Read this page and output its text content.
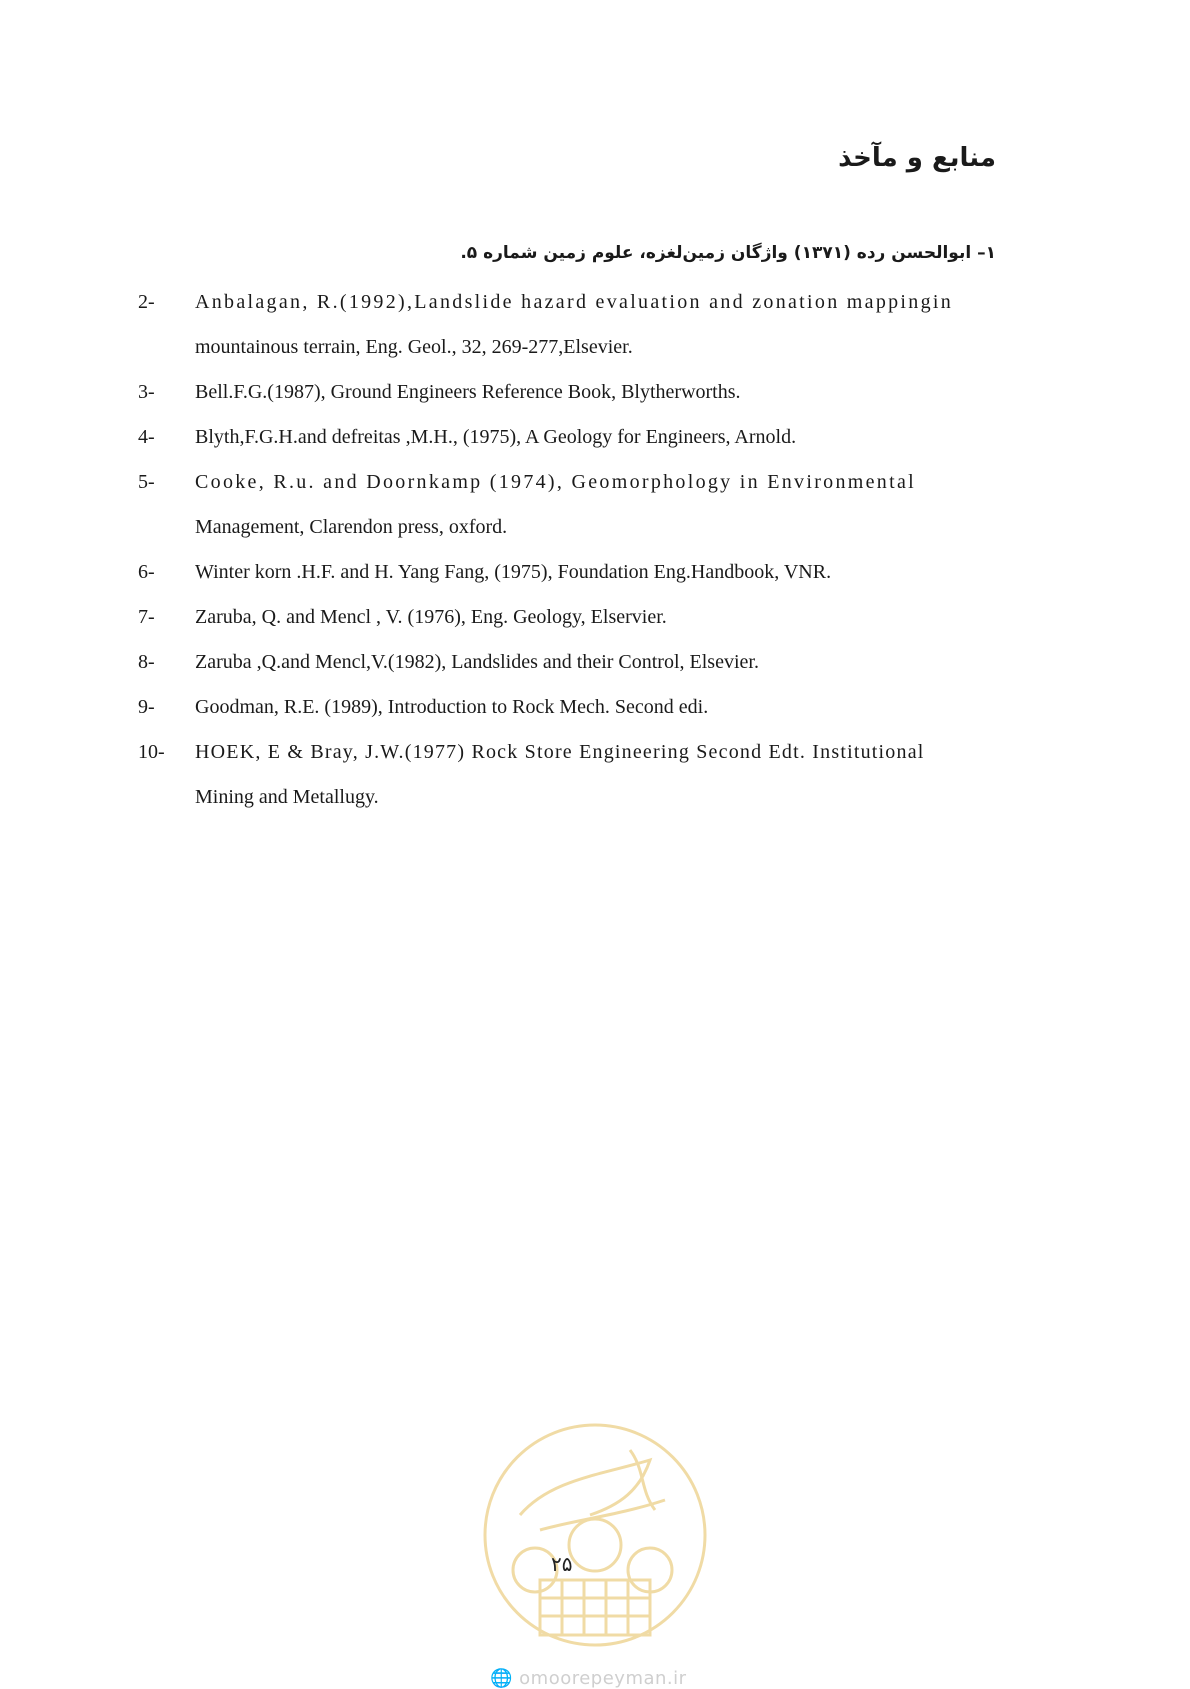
منابع و مآخذ
۱– ابوالحسن رده (۱۳۷۱) واژگان زمین‌لغزه، علوم زمین شماره ۵.
2- Anbalagan, R.(1992),Landslide hazard evaluation and zonation mappingin
mountainous terrain, Eng. Geol., 32, 269-277,Elsevier.
3- Bell.F.G.(1987), Ground Engineers Reference Book, Blytherworths.
4- Blyth,F.G.H.and defreitas ,M.H., (1975), A Geology for Engineers, Arnold.
5- Cooke, R.u. and Doornkamp (1974), Geomorphology in Environmental
Management, Clarendon press, oxford.
6- Winter korn .H.F. and H. Yang Fang, (1975), Foundation Eng.Handbook, VNR.
7- Zaruba, Q. and Mencl , V. (1976), Eng. Geology, Elservier.
8- Zaruba ,Q.and Mencl,V.(1982), Landslides and their Control, Elsevier.
9- Goodman, R.E. (1989), Introduction to Rock Mech. Second edi.
10- HOEK, E & Bray, J.W.(1977) Rock Store Engineering Second Edt. Institutional
Mining and Metallugy.
۲۵
🌐 omoorepeyman.ir
